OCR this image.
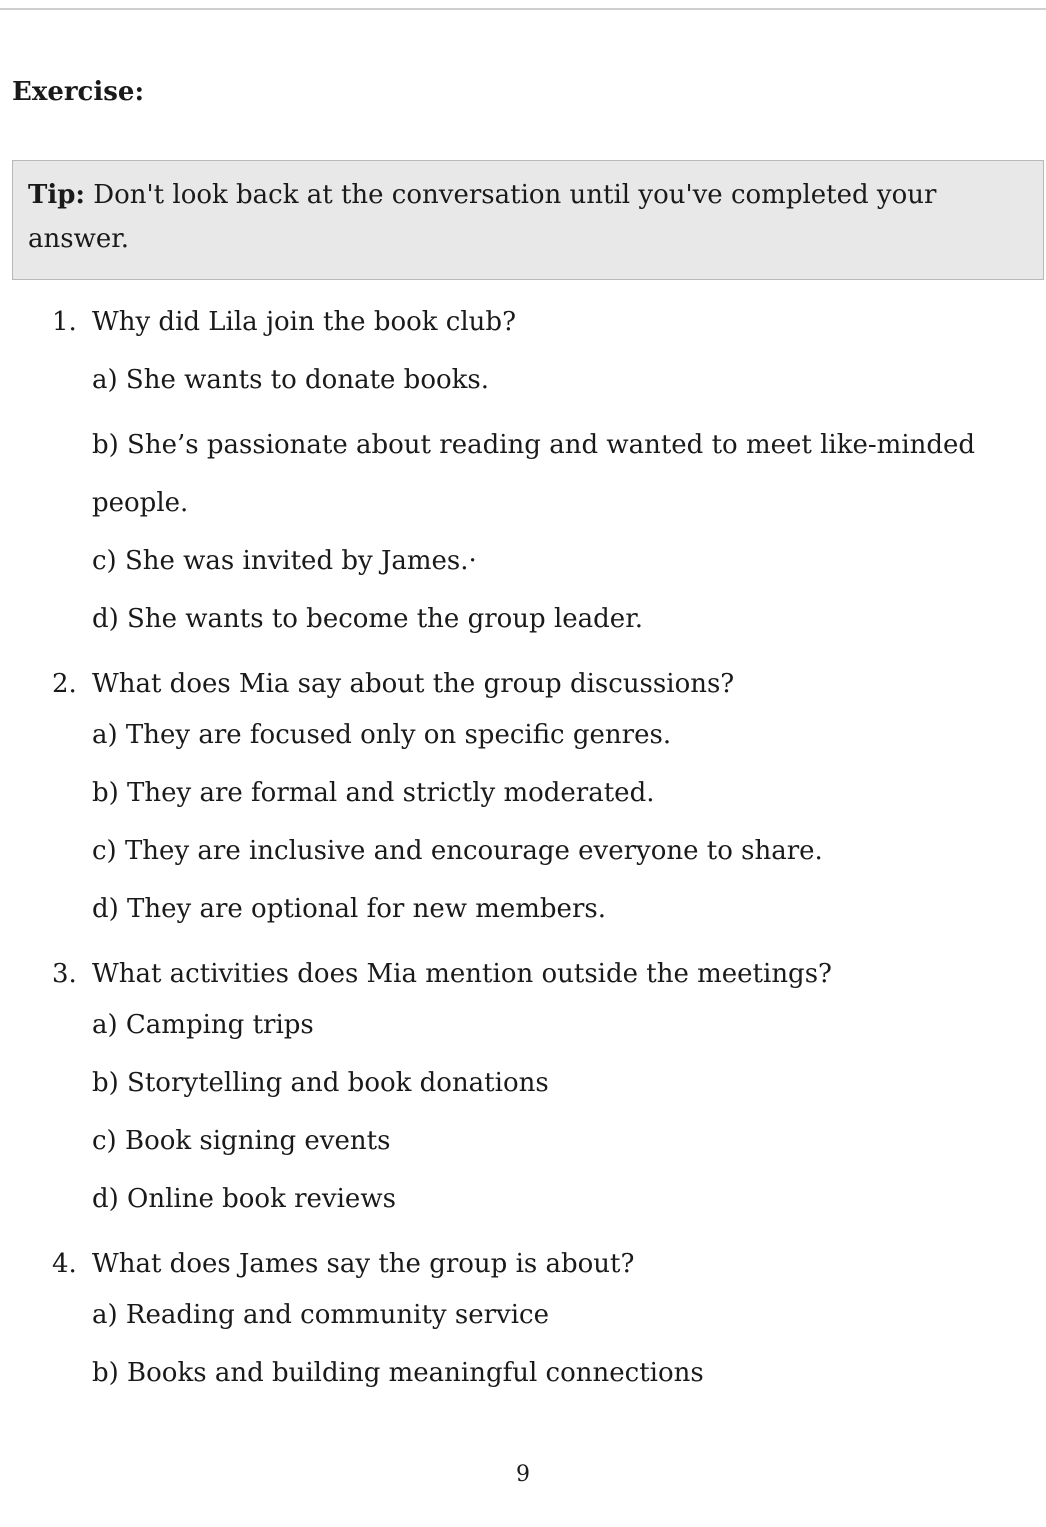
Exercise:
Tip: Don't look back at the conversation until you've completed your answer.
1. Why did Lila join the book club?
a) She wants to donate books.
b) She’s passionate about reading and wanted to meet like-minded people.
c) She was invited by James.·
d) She wants to become the group leader.
2. What does Mia say about the group discussions?
a) They are focused only on specific genres.
b) They are formal and strictly moderated.
c) They are inclusive and encourage everyone to share.
d) They are optional for new members.
3. What activities does Mia mention outside the meetings?
a) Camping trips
b) Storytelling and book donations
c) Book signing events
d) Online book reviews
4. What does James say the group is about?
a) Reading and community service
b) Books and building meaningful connections
9
